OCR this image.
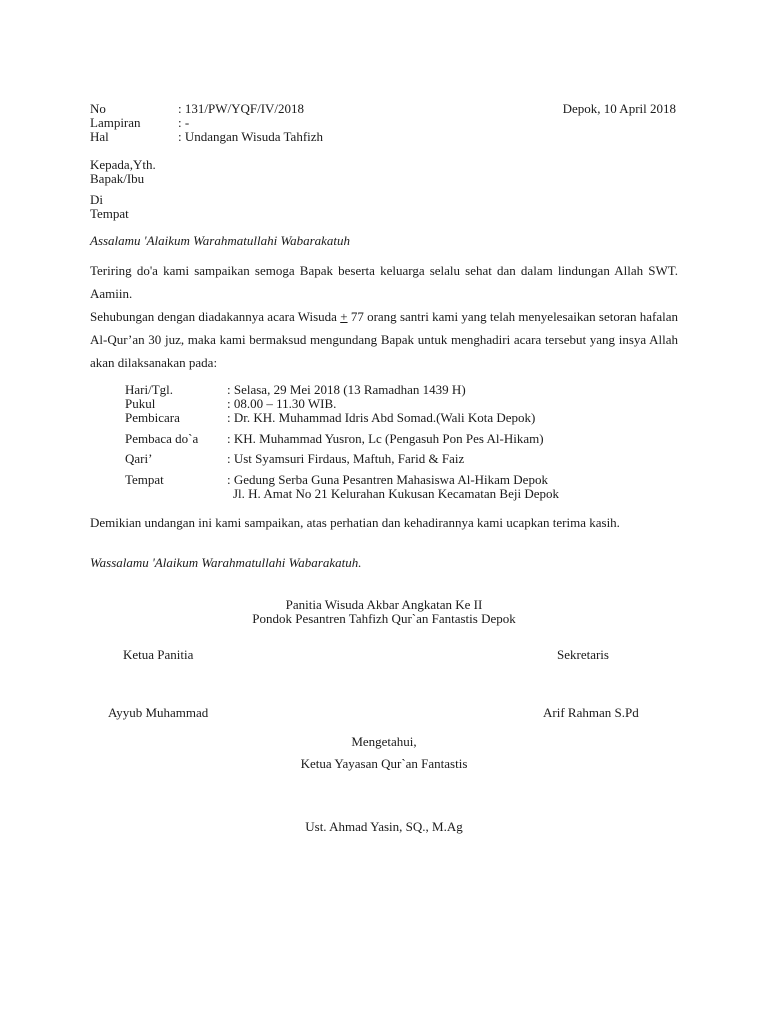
No	: 131/PW/YQF/IV/2018
Lampiran	: -
Hal	: Undangan Wisuda Tahfizh
Depok, 10 April 2018
Kepada,Yth.
Bapak/Ibu
Di
Tempat
Assalamu 'Alaikum Warahmatullahi Wabarakatuh
Teriring do'a kami sampaikan semoga Bapak beserta keluarga selalu sehat dan dalam lindungan Allah SWT. Aamiin.
Sehubungan dengan diadakannya acara Wisuda + 77 orang santri kami yang telah menyelesaikan setoran hafalan Al-Qur’an 30 juz, maka kami bermaksud mengundang Bapak untuk menghadiri acara tersebut yang insya Allah akan dilaksanakan pada:
Hari/Tgl.	: Selasa, 29 Mei 2018 (13 Ramadhan 1439 H)
Pukul	: 08.00 – 11.30 WIB.
Pembicara	: Dr. KH. Muhammad Idris Abd Somad.(Wali Kota Depok)
Pembaca do`a : KH. Muhammad Yusron, Lc (Pengasuh Pon Pes Al-Hikam)
Qari’	: Ust Syamsuri Firdaus, Maftuh, Farid & Faiz
Tempat	: Gedung Serba Guna Pesantren Mahasiswa Al-Hikam Depok
Jl. H. Amat No 21 Kelurahan Kukusan Kecamatan Beji Depok
Demikian undangan ini kami sampaikan, atas perhatian dan kehadirannya kami ucapkan terima kasih.
Wassalamu 'Alaikum Warahmatullahi Wabarakatuh.
Panitia Wisuda Akbar Angkatan Ke II
Pondok Pesantren Tahfizh Qur`an Fantastis Depok
Ketua Panitia	Sekretaris
Ayyub Muhammad	Arif Rahman S.Pd
Mengetahui,
Ketua Yayasan Qur`an Fantastis
Ust. Ahmad Yasin, SQ., M.Ag
